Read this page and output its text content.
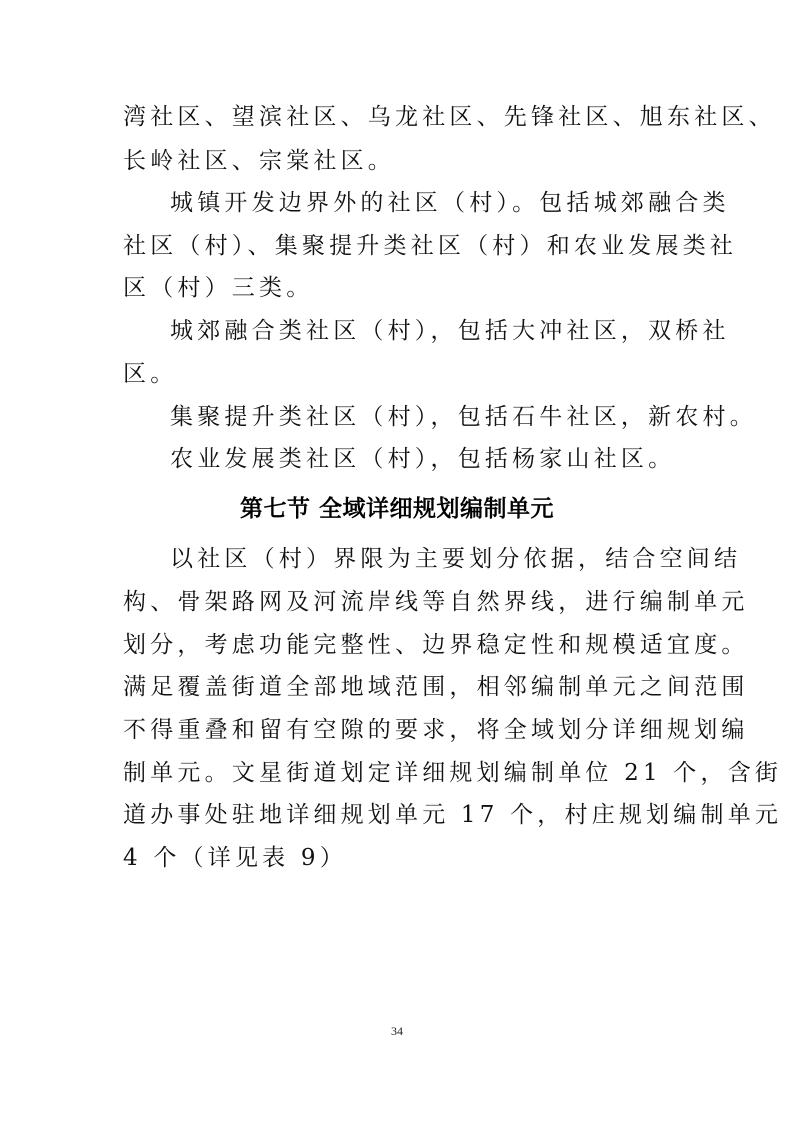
湾社区、望滨社区、乌龙社区、先锋社区、旭东社区、
长岭社区、宗棠社区。
城镇开发边界外的社区（村）。包括城郊融合类
社区（村）、集聚提升类社区（村）和农业发展类社
区（村）三类。
城郊融合类社区（村），包括大冲社区，双桥社
区。
集聚提升类社区（村），包括石牛社区，新农村。
农业发展类社区（村），包括杨家山社区。
第七节 全域详细规划编制单元
以社区（村）界限为主要划分依据，结合空间结
构、骨架路网及河流岸线等自然界线，进行编制单元
划分，考虑功能完整性、边界稳定性和规模适宜度。
满足覆盖街道全部地域范围，相邻编制单元之间范围
不得重叠和留有空隙的要求，将全域划分详细规划编
制单元。文星街道划定详细规划编制单位 21 个，含街
道办事处驻地详细规划单元 17 个，村庄规划编制单元
4 个（详见表 9）
34
